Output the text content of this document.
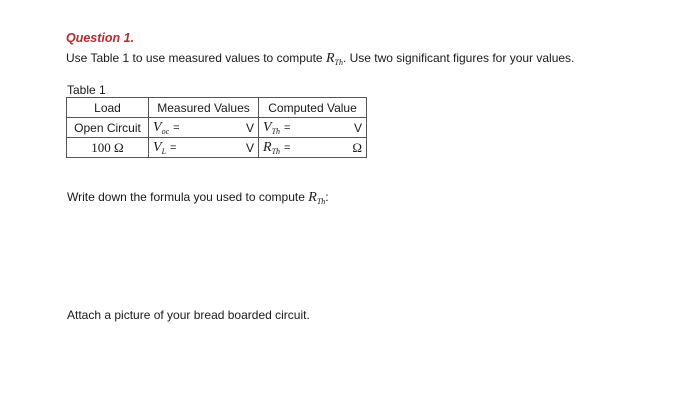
Question 1.

Use Table 1 to use measured values to compute $R_{Th}$. Use two significant figures for your values.
Table 1
Load	Measured Values	Computed Value
Open Circuit	$V_{oc} = V$	$V_{Th} = V$

100 Ω	$V_L = V$	$R_{Th} = \Omega$
Write down the formula you used to compute $R_{Th}$:
Attach a picture of your bread boarded circuit.
